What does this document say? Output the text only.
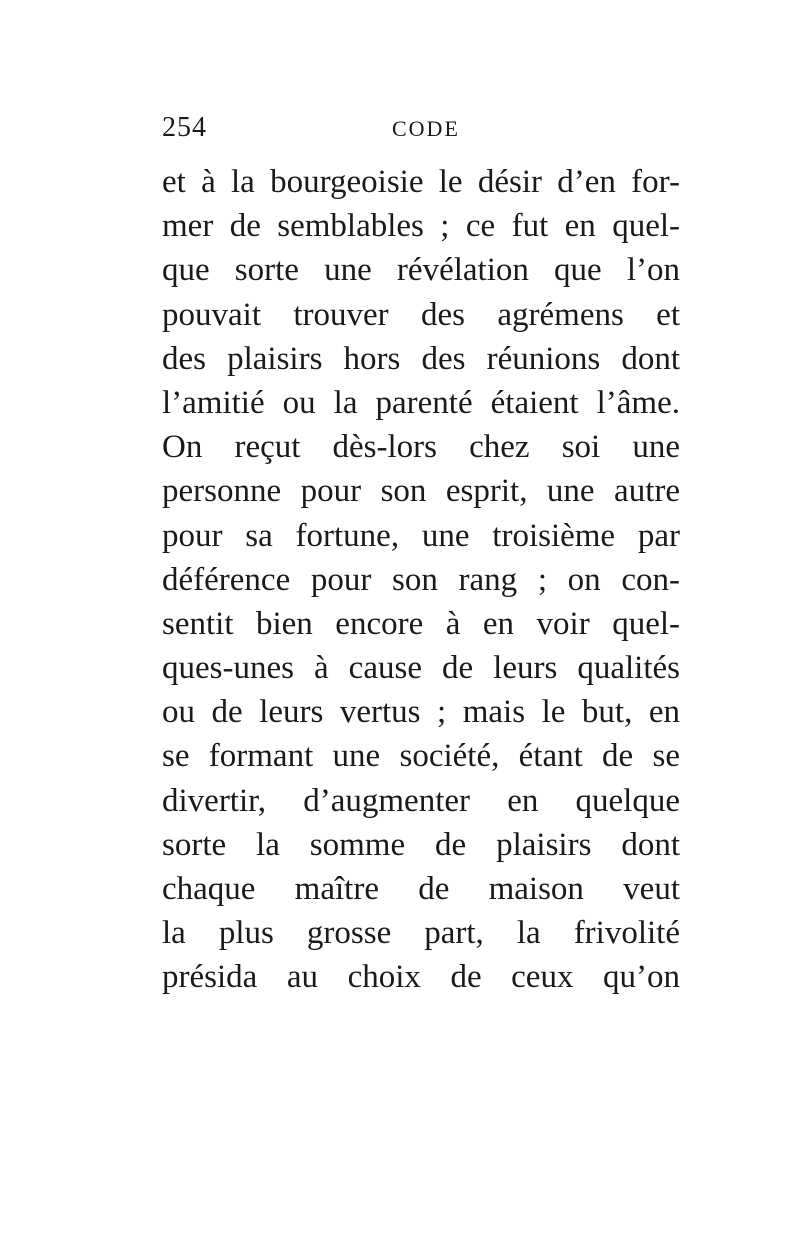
254	CODE
et à la bourgeoisie le désir d’en for-
mer de semblables ; ce fut en quel-
que sorte une révélation que l’on
pouvait trouver des agrémens et
des plaisirs hors des réunions dont
l’amitié ou la parenté étaient l’âme.
On reçut dès-lors chez soi une
personne pour son esprit, une autre
pour sa fortune, une troisième par
déférence pour son rang ; on con-
sentit bien encore à en voir quel-
ques-unes à cause de leurs qualités
ou de leurs vertus ; mais le but, en
se formant une société, étant de se
divertir, d’augmenter en quelque
sorte la somme de plaisirs dont
chaque maître de maison veut
la plus grosse part, la frivolité
présida au choix de ceux qu’on
